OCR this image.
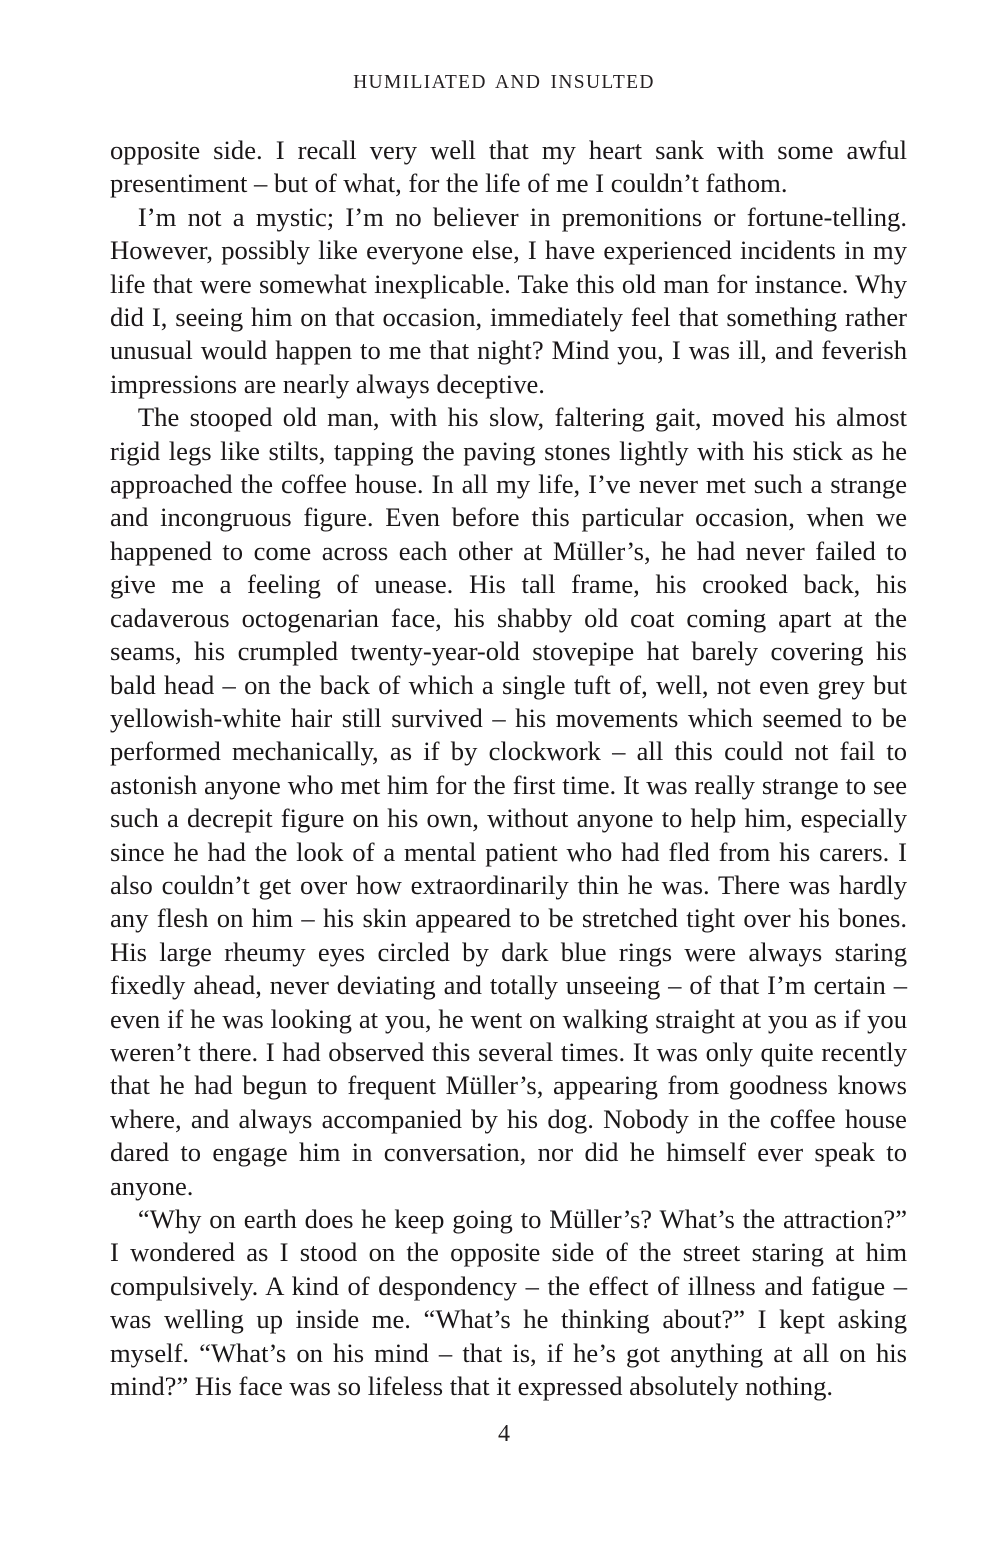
HUMILIATED AND INSULTED

opposite side. I recall very well that my heart sank with some awful presentiment – but of what, for the life of me I couldn’t fathom.

I’m not a mystic; I’m no believer in premonitions or fortune-telling. However, possibly like everyone else, I have experienced incidents in my life that were somewhat inexplicable. Take this old man for instance. Why did I, seeing him on that occasion, immediately feel that something rather unusual would happen to me that night? Mind you, I was ill, and feverish impressions are nearly always deceptive.

The stooped old man, with his slow, faltering gait, moved his almost rigid legs like stilts, tapping the paving stones lightly with his stick as he approached the coffee house. In all my life, I’ve never met such a strange and incongruous figure. Even before this particular occasion, when we happened to come across each other at Müller’s, he had never failed to give me a feeling of unease. His tall frame, his crooked back, his cadaverous octogenarian face, his shabby old coat coming apart at the seams, his crumpled twenty-year-old stovepipe hat barely covering his bald head – on the back of which a single tuft of, well, not even grey but yellowish-white hair still survived – his movements which seemed to be performed mechanically, as if by clockwork – all this could not fail to astonish anyone who met him for the first time. It was really strange to see such a decrepit figure on his own, without anyone to help him, especially since he had the look of a mental patient who had fled from his carers. I also couldn’t get over how extraordinarily thin he was. There was hardly any flesh on him – his skin appeared to be stretched tight over his bones. His large rheumy eyes circled by dark blue rings were always staring fixedly ahead, never deviating and totally unseeing – of that I’m certain – even if he was looking at you, he went on walking straight at you as if you weren’t there. I had observed this several times. It was only quite recently that he had begun to frequent Müller’s, appearing from goodness knows where, and always accompanied by his dog. Nobody in the coffee house dared to engage him in conversation, nor did he himself ever speak to anyone.

“Why on earth does he keep going to Müller’s? What’s the attraction?” I wondered as I stood on the opposite side of the street staring at him compulsively. A kind of despondency – the effect of illness and fatigue – was welling up inside me. “What’s he thinking about?” I kept asking myself. “What’s on his mind – that is, if he’s got anything at all on his mind?” His face was so lifeless that it expressed absolutely nothing.

4
